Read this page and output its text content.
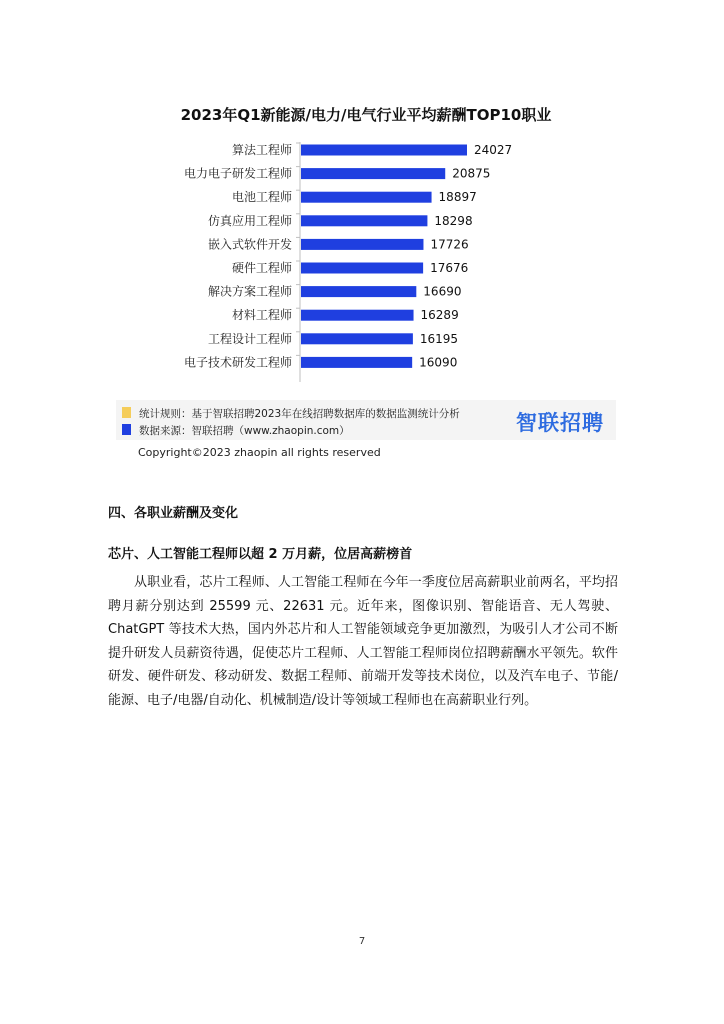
2023年Q1新能源/电力/电气行业平均薪酬TOP10职业
算法工程师	24027
电力电子研发工程师	20875
电池工程师	18897
仿真应用工程师	18298
嵌入式软件开发	17726
硬件工程师	17676
解决方案工程师	16690
材料工程师	16289
工程设计工程师	16195
电子技术研发工程师	16090
统计规则：基于智联招聘2023年在线招聘数据库的数据监测统计分析
数据来源：智联招聘（www.zhaopin.com）	智联招聘
Copyright©2023 zhaopin all rights reserved
四、各职业薪酬及变化
芯片、人工智能工程师以超 2 万月薪，位居高薪榜首

从职业看，芯片工程师、人工智能工程师在今年一季度位居高薪职业前两名，平均招聘月薪分别达到 25599 元、22631 元。近年来，图像识别、智能语音、无人驾驶、ChatGPT 等技术大热，国内外芯片和人工智能领域竞争更加激烈，为吸引人才公司不断提升研发人员薪资待遇，促使芯片工程师、人工智能工程师岗位招聘薪酬水平领先。软件研发、硬件研发、移动研发、数据工程师、前端开发等技术岗位，以及汽车电子、节能/能源、电子/电器/自动化、机械制造/设计等领域工程师也在高薪职业行列。

7
